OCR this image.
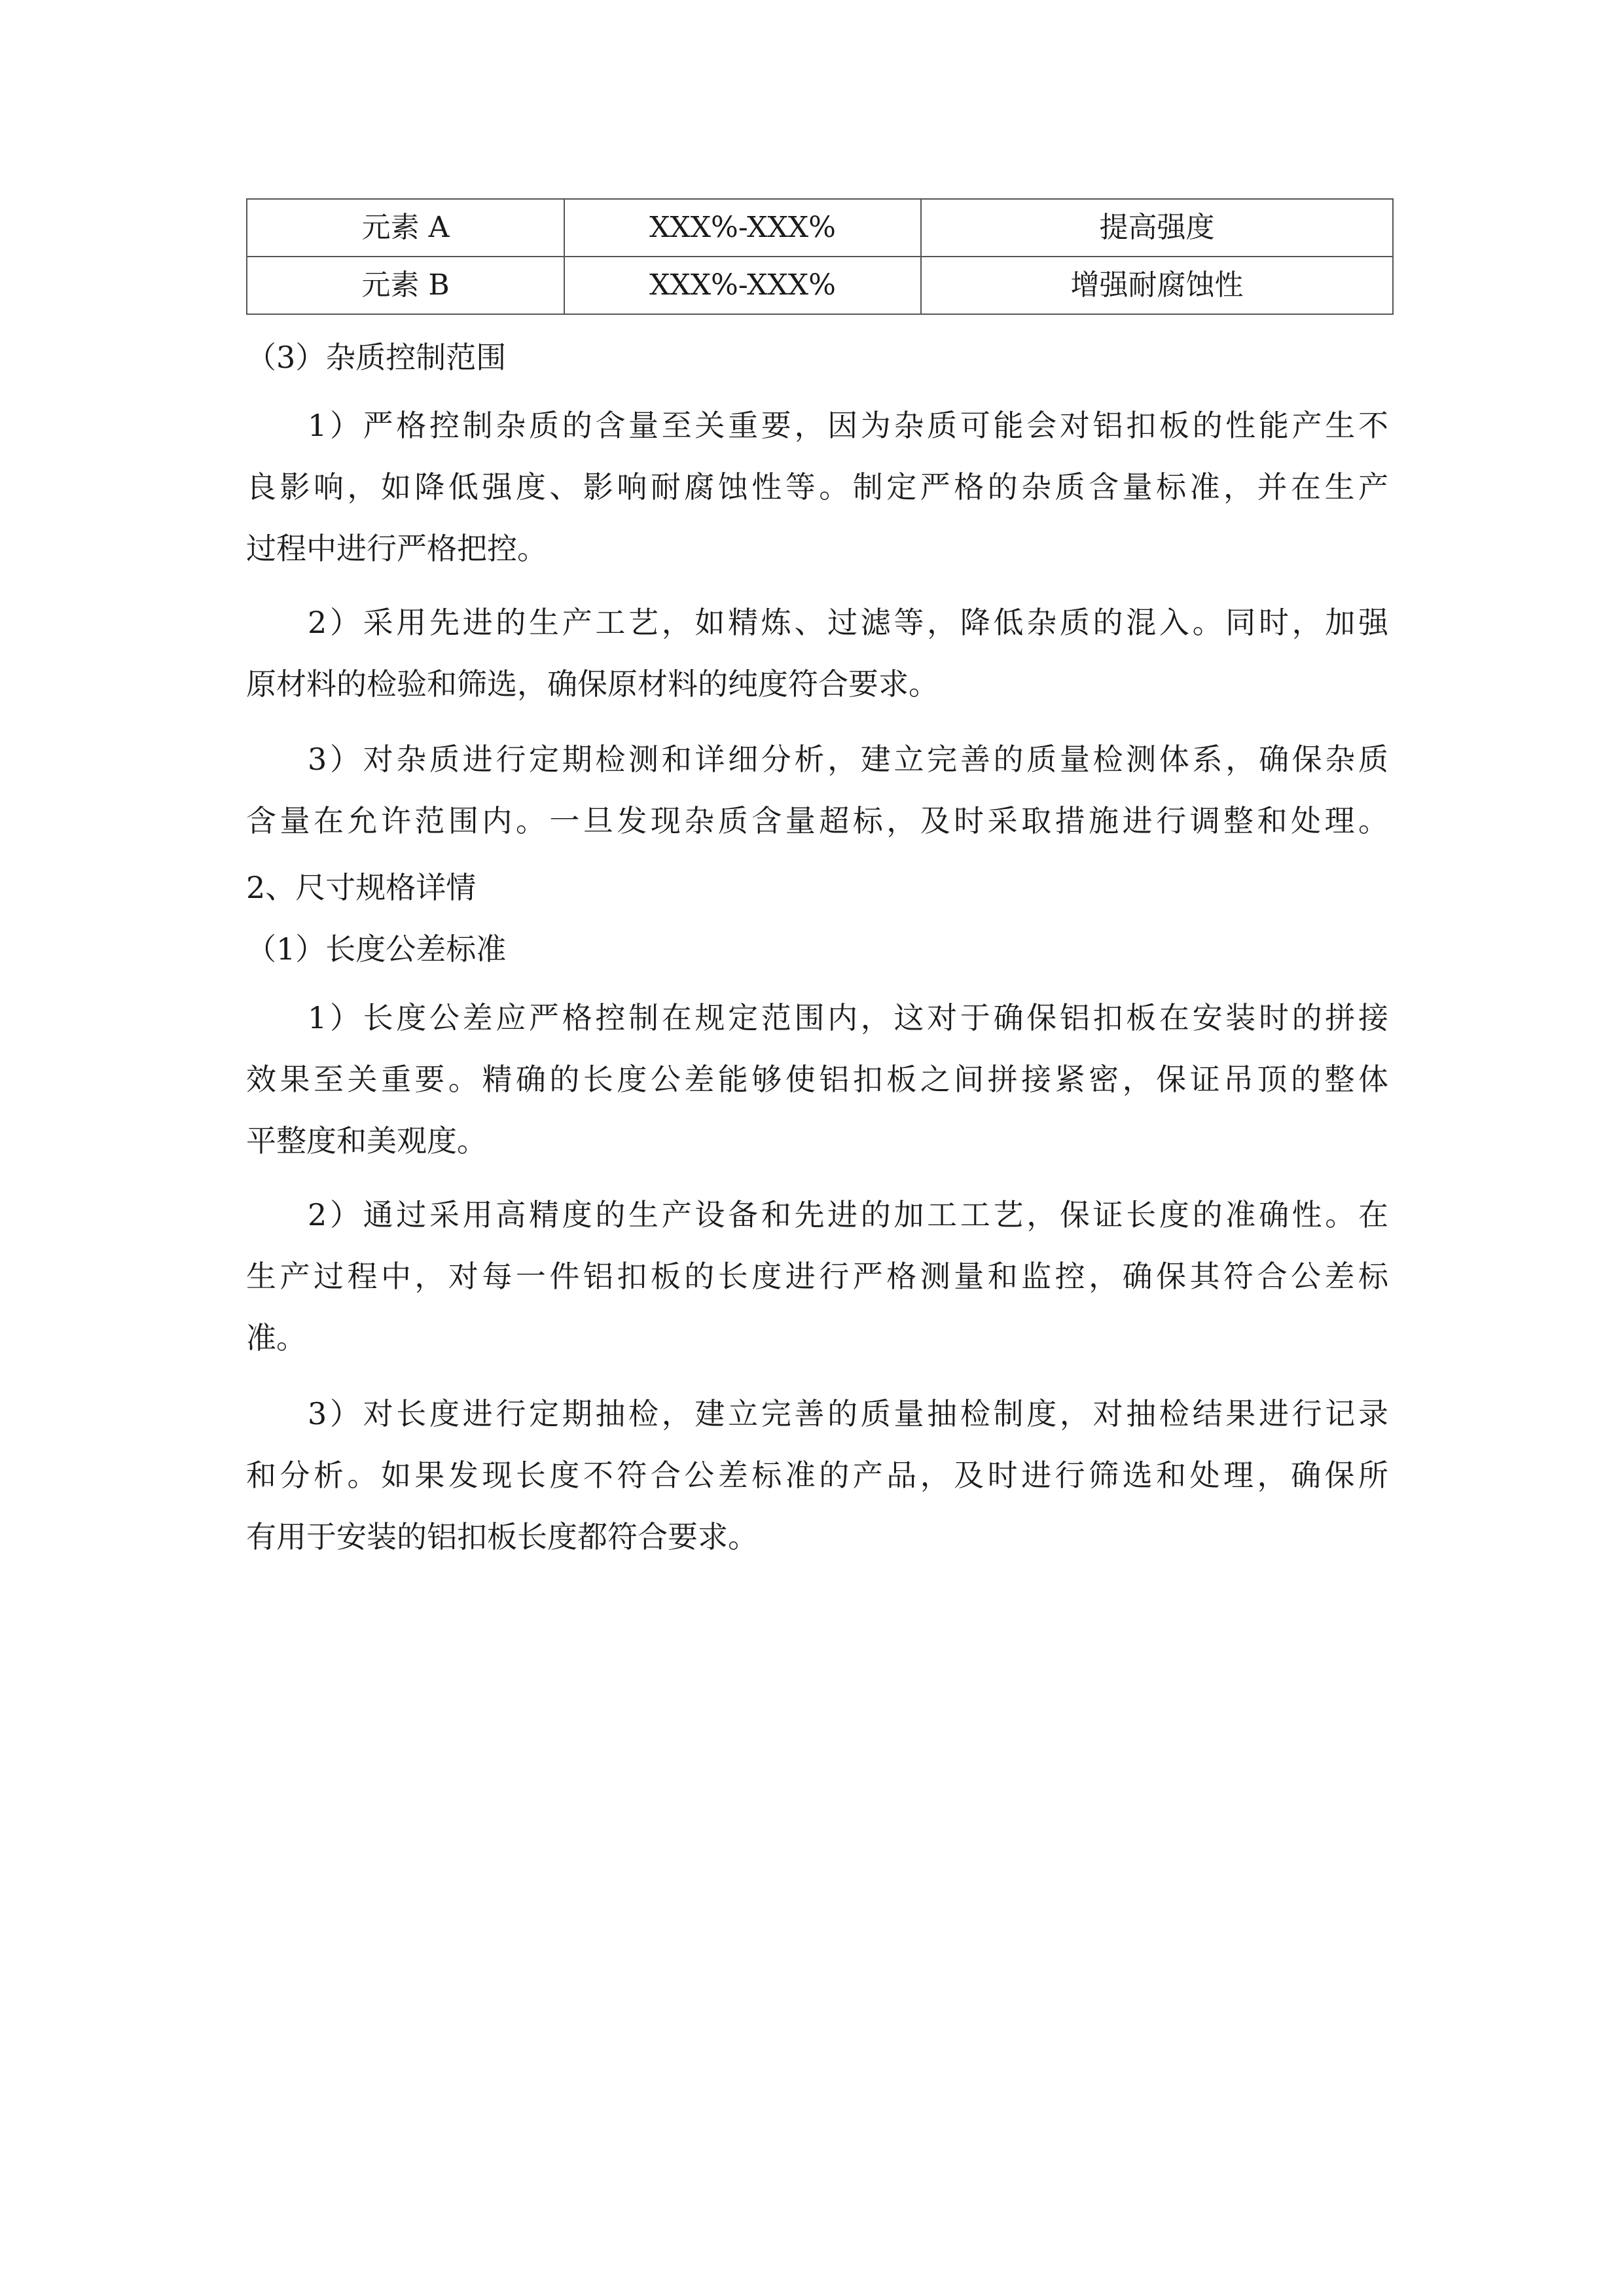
元素 A	XXX%-XXX%	提高强度
元素 B	XXX%-XXX%	增强耐腐蚀性
（3）杂质控制范围
1）严格控制杂质的含量至关重要，因为杂质可能会对铝扣板的性能产生不
良影响，如降低强度、影响耐腐蚀性等。制定严格的杂质含量标准，并在生产
过程中进行严格把控。
2）采用先进的生产工艺，如精炼、过滤等，降低杂质的混入。同时，加强
原材料的检验和筛选，确保原材料的纯度符合要求。
3）对杂质进行定期检测和详细分析，建立完善的质量检测体系，确保杂质
含量在允许范围内。一旦发现杂质含量超标，及时采取措施进行调整和处理。
2、尺寸规格详情
（1）长度公差标准
1）长度公差应严格控制在规定范围内，这对于确保铝扣板在安装时的拼接
效果至关重要。精确的长度公差能够使铝扣板之间拼接紧密，保证吊顶的整体
平整度和美观度。
2）通过采用高精度的生产设备和先进的加工工艺，保证长度的准确性。在
生产过程中，对每一件铝扣板的长度进行严格测量和监控，确保其符合公差标
准。
3）对长度进行定期抽检，建立完善的质量抽检制度，对抽检结果进行记录
和分析。如果发现长度不符合公差标准的产品，及时进行筛选和处理，确保所
有用于安装的铝扣板长度都符合要求。
